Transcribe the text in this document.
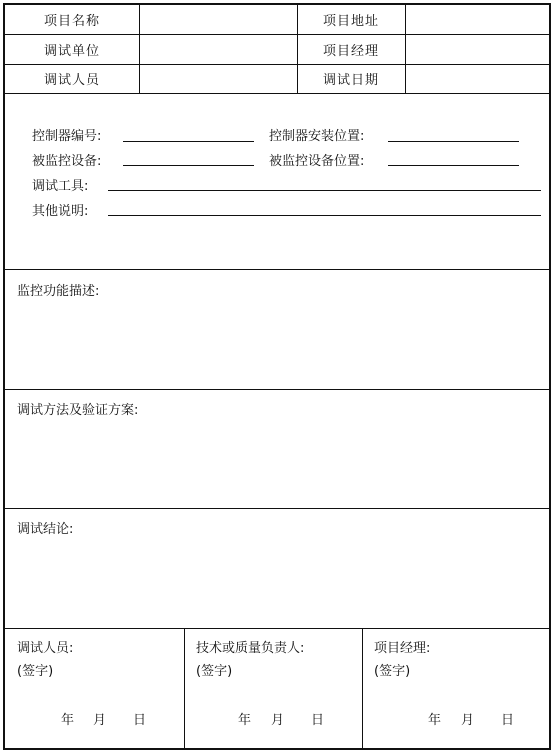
项目名称	项目地址
调试单位	项目经理
调试人员	调试日期
控制器编号:	控制器安装位置:
被监控设备:	被监控设备位置:
调试工具:
其他说明:
监控功能描述:
调试方法及验证方案:
调试结论:
调试人员:
(签字)
年 月 日
技术或质量负责人:
(签字)
年 月 日
项目经理:
(签字)
年 月 日
